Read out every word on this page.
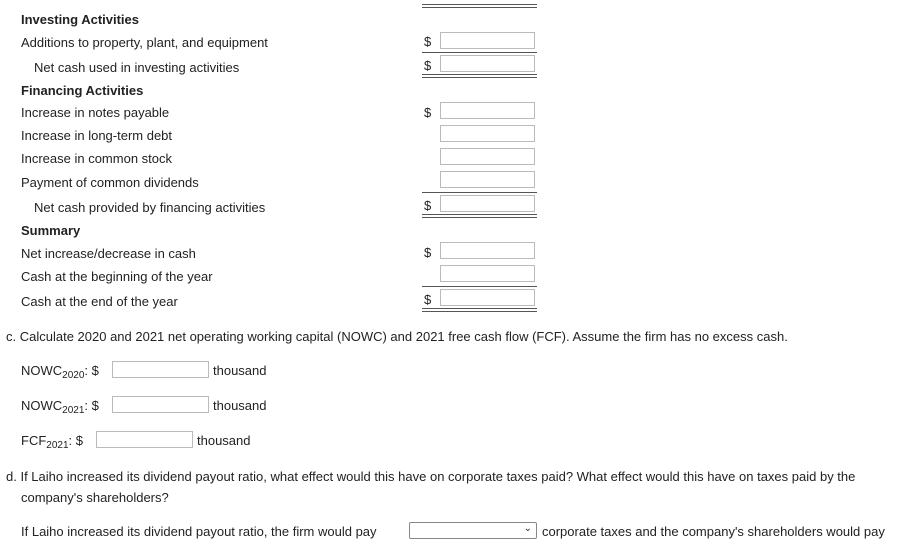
Investing Activities
Additions to property, plant, and equipment	$
Net cash used in investing activities	$
Financing Activities
Increase in notes payable	$
Increase in long-term debt
Increase in common stock
Payment of common dividends
Net cash provided by financing activities	$
Summary
Net increase/decrease in cash	$
Cash at the beginning of the year
Cash at the end of the year	$
c. Calculate 2020 and 2021 net operating working capital (NOWC) and 2021 free cash flow (FCF). Assume the firm has no excess cash.
$NOWC_{2020}$: $	thousand
$NOWC_{2021}$: $	thousand
$FCF_{2021}$: $	thousand
d. If Laiho increased its dividend payout ratio, what effect would this have on corporate taxes paid? What effect would this have on taxes paid by the
company's shareholders?
If Laiho increased its dividend payout ratio, the firm would pay	⌄ corporate taxes and the company's shareholders would pay
